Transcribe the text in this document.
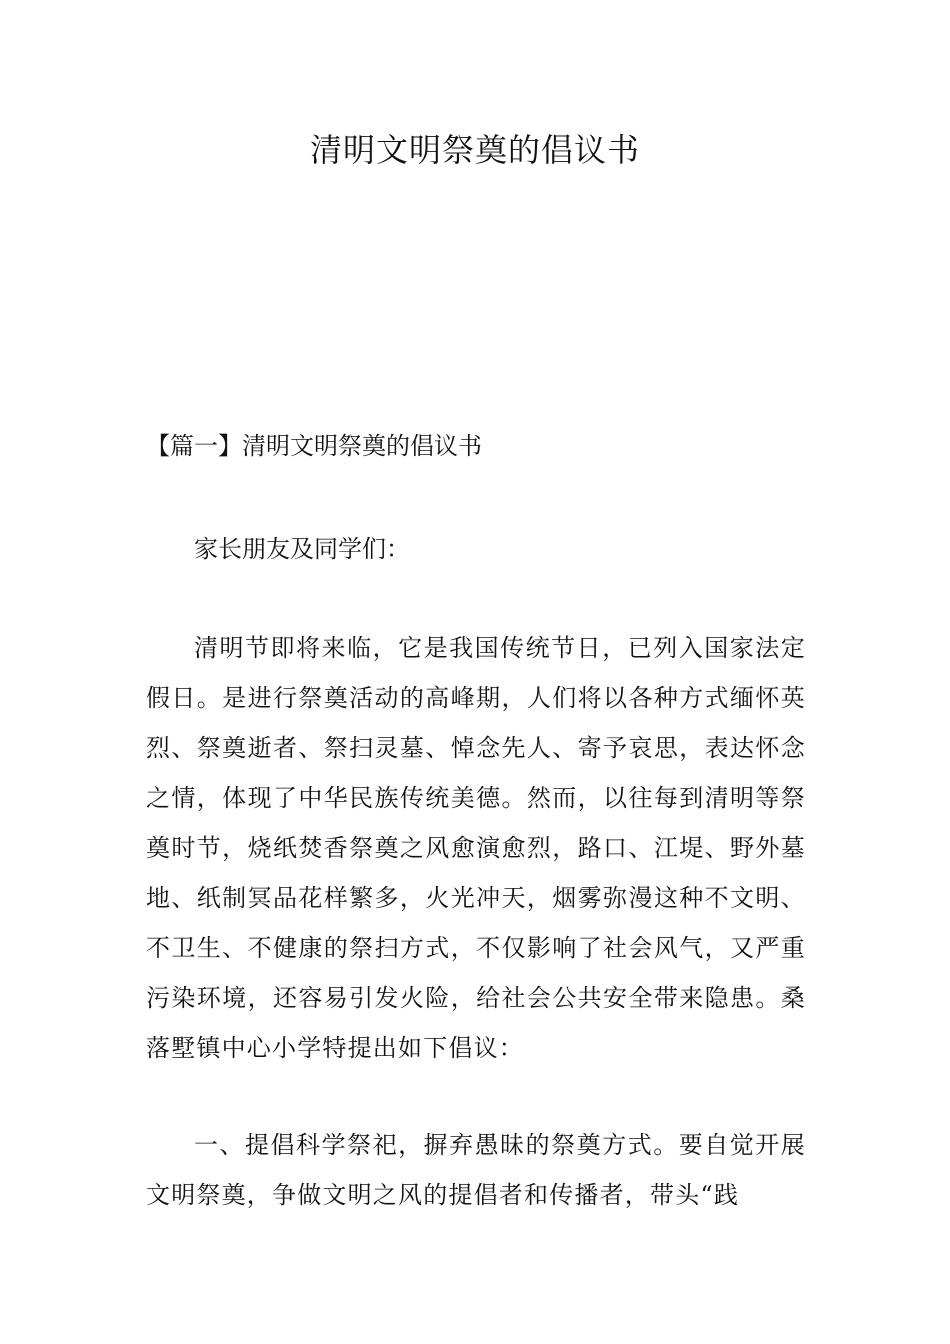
清明文明祭奠的倡议书
【篇一】清明文明祭奠的倡议书

家长朋友及同学们：

清明节即将来临，它是我国传统节日，已列入国家法定假日。是进行祭奠活动的高峰期，人们将以各种方式缅怀英烈、祭奠逝者、祭扫灵墓、悼念先人、寄予哀思，表达怀念之情，体现了中华民族传统美德。然而，以往每到清明等祭奠时节，烧纸焚香祭奠之风愈演愈烈，路口、江堤、野外墓地、纸制冥品花样繁多，火光冲天，烟雾弥漫这种不文明、不卫生、不健康的祭扫方式，不仅影响了社会风气，又严重污染环境，还容易引发火险，给社会公共安全带来隐患。桑落墅镇中心小学特提出如下倡议：

一、提倡科学祭祀，摒弃愚昧的祭奠方式。要自觉开展文明祭奠，争做文明之风的提倡者和传播者，带头“践
